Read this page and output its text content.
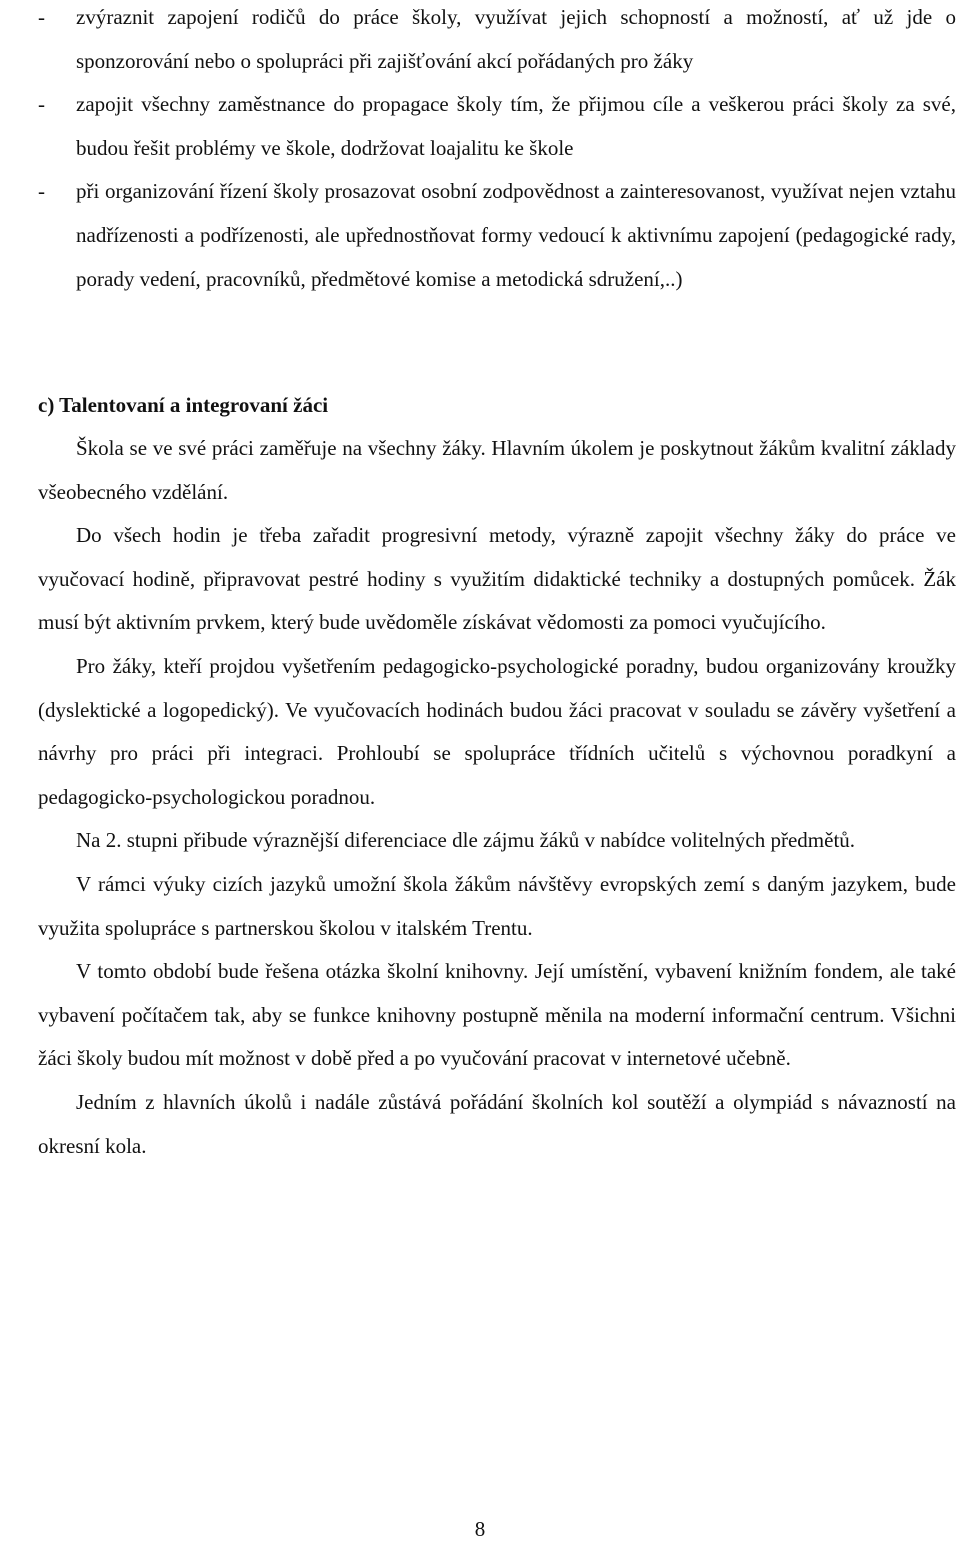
-	zvýraznit zapojení rodičů do práce školy, využívat jejich schopností a možností, ať už jde o sponzorování nebo o spolupráci při zajišťování akcí pořádaných pro žáky
-	zapojit všechny zaměstnance do propagace školy tím, že přijmou cíle a veškerou práci školy za své, budou řešit problémy ve škole, dodržovat loajalitu ke škole
-	při organizování řízení školy prosazovat osobní zodpovědnost a zainteresovanost, využívat nejen vztahu nadřízenosti a podřízenosti, ale upřednostňovat formy vedoucí k aktivnímu zapojení (pedagogické rady, porady vedení, pracovníků, předmětové komise a metodická sdružení,..)
c) Talentovaní a integrovaní žáci

Škola se ve své práci zaměřuje na všechny žáky. Hlavním úkolem je poskytnout žákům kvalitní základy všeobecného vzdělání.

Do všech hodin je třeba zařadit progresivní metody, výrazně zapojit všechny žáky do práce ve vyučovací hodině, připravovat pestré hodiny s využitím didaktické techniky a dostupných pomůcek. Žák musí být aktivním prvkem, který bude uvědoměle získávat vědomosti za pomoci vyučujícího.

Pro žáky, kteří projdou vyšetřením pedagogicko-psychologické poradny, budou organizovány kroužky (dyslektické a logopedický). Ve vyučovacích hodinách budou žáci pracovat v souladu se závěry vyšetření a návrhy pro práci při integraci. Prohloubí se spolupráce třídních učitelů s výchovnou poradkyní a pedagogicko-psychologickou poradnou.

Na 2. stupni přibude výraznější diferenciace dle zájmu žáků v nabídce volitelných předmětů.

V rámci výuky cizích jazyků umožní škola žákům návštěvy evropských zemí s daným jazykem, bude využita spolupráce s partnerskou školou v italském Trentu.

V tomto období bude řešena otázka školní knihovny. Její umístění, vybavení knižním fondem, ale také vybavení počítačem tak, aby se funkce knihovny postupně měnila na moderní informační centrum. Všichni žáci školy budou mít možnost v době před a po vyučování pracovat v internetové učebně.

Jedním z hlavních úkolů i nadále zůstává pořádání školních kol soutěží a olympiád s návazností na okresní kola.

8
